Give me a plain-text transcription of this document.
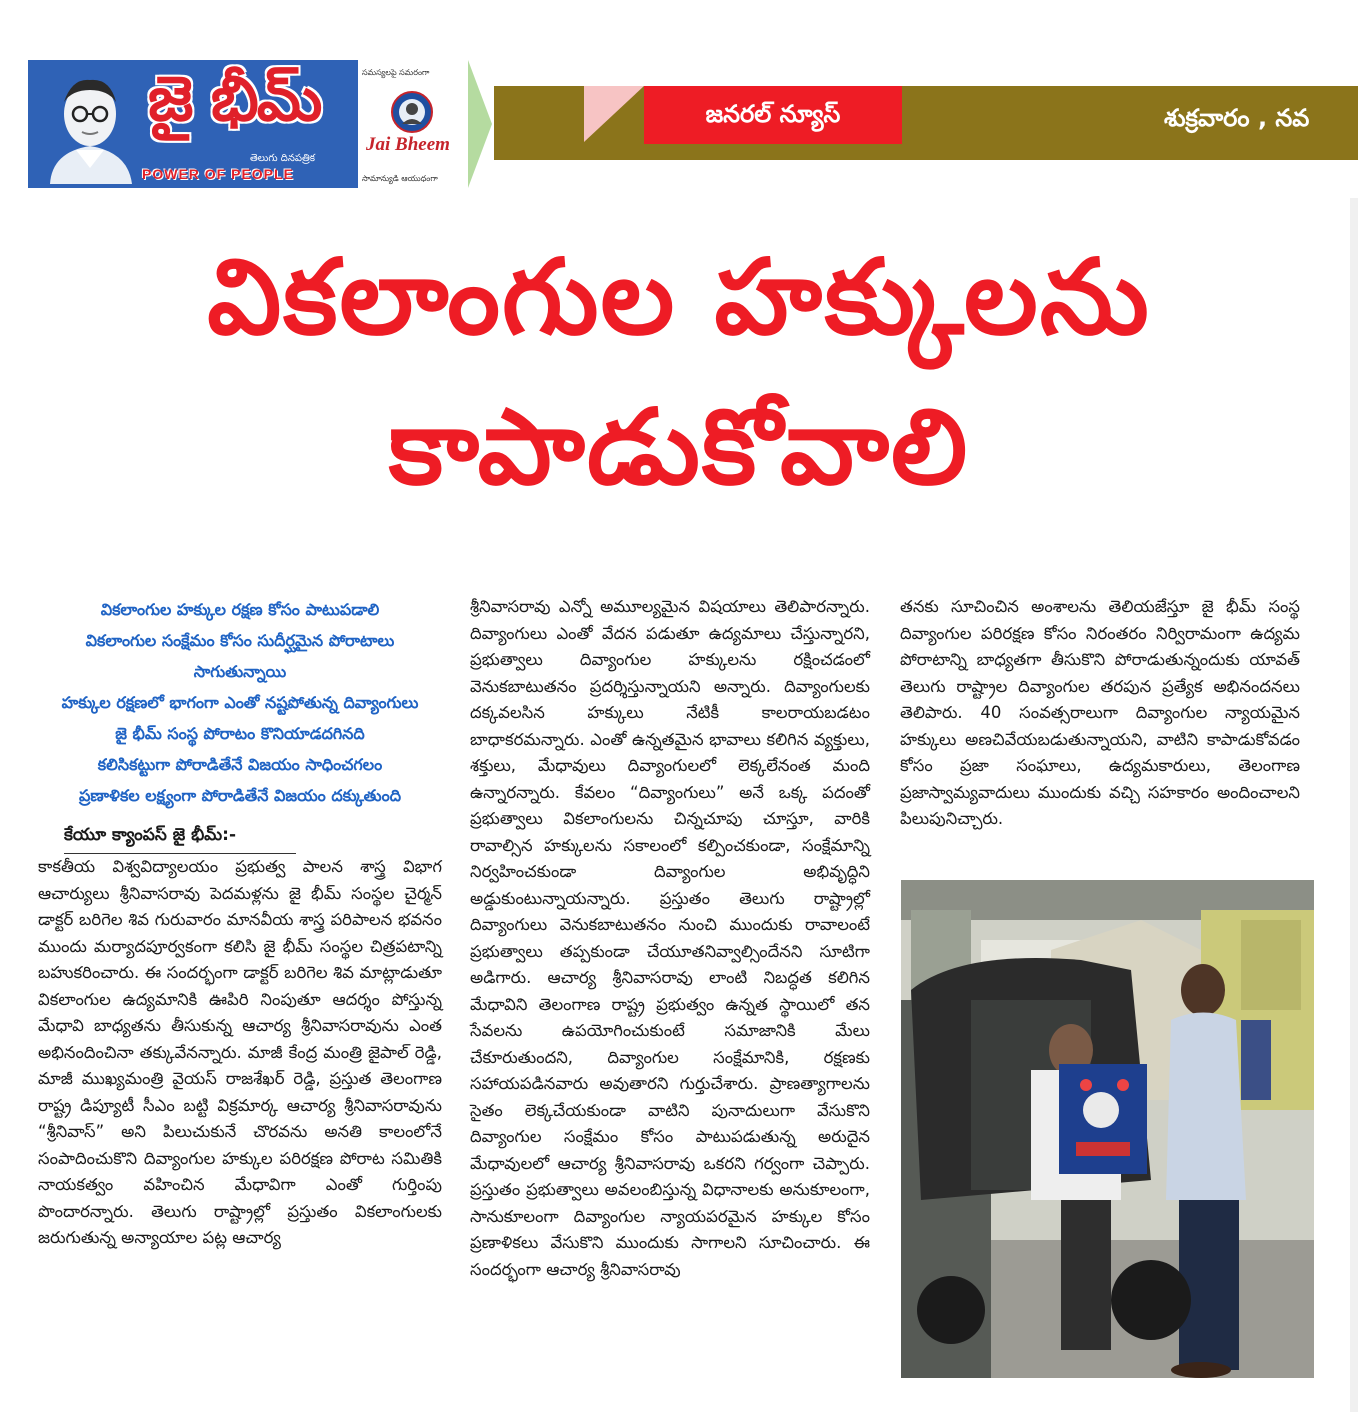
జై భీమ్
తెలుగు దినపత్రిక
POWER OF PEOPLE
సమస్యలపై సమరంగా
Jai Bheem
సామాన్యుడి ఆయుధంగా
జనరల్ న్యూస్	శుక్రవారం , నవ
వికలాంగుల హక్కులను
కాపాడుకోవాలి
వికలాంగుల హక్కుల రక్షణ కోసం పాటుపడాలి
వికలాంగుల సంక్షేమం కోసం సుదీర్ఘమైన పోరాటాలు సాగుతున్నాయి
హక్కుల రక్షణలో భాగంగా ఎంతో నష్టపోతున్న దివ్యాంగులు
జై భీమ్ సంస్థ పోరాటం కొనియాడదగినది
కలిసికట్టుగా పోరాడితేనే విజయం సాధించగలం
ప్రణాళికల లక్ష్యంగా పోరాడితేనే విజయం దక్కుతుంది
కేయూ క్యాంపస్ జై భీమ్:-

కాకతీయ విశ్వవిద్యాలయం ప్రభుత్వ పాలన శాస్త్ర విభాగ ఆచార్యులు శ్రీనివాసరావు పెదమళ్లను జై భీమ్ సంస్థల చైర్మన్ డాక్టర్ బరిగెల శివ గురువారం మానవీయ శాస్త్ర పరిపాలన భవనం ముందు మర్యాదపూర్వకంగా కలిసి జై భీమ్ సంస్థల చిత్రపటాన్ని బహుకరించారు. ఈ సందర్భంగా డాక్టర్ బరిగెల శివ మాట్లాడుతూ వికలాంగుల ఉద్యమానికి ఊపిరి నింపుతూ ఆదర్శం పోస్తున్న మేధావి బాధ్యతను తీసుకున్న ఆచార్య శ్రీనివాసరావును ఎంత అభినందించినా తక్కువేనన్నారు. మాజీ కేంద్ర మంత్రి జైపాల్ రెడ్డి, మాజీ ముఖ్యమంత్రి వైయస్ రాజశేఖర్ రెడ్డి, ప్రస్తుత తెలంగాణ రాష్ట్ర డిప్యూటీ సీఎం బట్టి విక్రమార్క ఆచార్య శ్రీనివాసరావును “శ్రీనివాస్” అని పిలుచుకునే చొరవను అనతి కాలంలోనే సంపాదించుకొని దివ్యాంగుల హక్కుల పరిరక్షణ పోరాట సమితికి నాయకత్వం వహించిన మేధావిగా ఎంతో గుర్తింపు పొందారన్నారు. తెలుగు రాష్ట్రాల్లో ప్రస్తుతం వికలాంగులకు జరుగుతున్న అన్యాయాల పట్ల ఆచార్య

శ్రీనివాసరావు ఎన్నో అమూల్యమైన విషయాలు తెలిపారన్నారు. దివ్యాంగులు ఎంతో వేదన పడుతూ ఉద్యమాలు చేస్తున్నారని, ప్రభుత్వాలు దివ్యాంగుల హక్కులను రక్షించడంలో వెనుకబాటుతనం ప్రదర్శిస్తున్నాయని అన్నారు. దివ్యాంగులకు దక్కవలసిన హక్కులు నేటికీ కాలరాయబడటం బాధాకరమన్నారు. ఎంతో ఉన్నతమైన భావాలు కలిగిన వ్యక్తులు, శక్తులు, మేధావులు దివ్యాంగులలో లెక్కలేనంత మంది ఉన్నారన్నారు. కేవలం “దివ్యాంగులు” అనే ఒక్క పదంతో ప్రభుత్వాలు వికలాంగులను చిన్నచూపు చూస్తూ, వారికి రావాల్సిన హక్కులను సకాలంలో కల్పించకుండా, సంక్షేమాన్ని నిర్వహించకుండా దివ్యాంగుల అభివృద్ధిని అడ్డుకుంటున్నాయన్నారు. ప్రస్తుతం తెలుగు రాష్ట్రాల్లో దివ్యాంగులు వెనుకబాటుతనం నుంచి ముందుకు రావాలంటే ప్రభుత్వాలు తప్పకుండా చేయూతనివ్వాల్సిందేనని సూటిగా అడిగారు. ఆచార్య శ్రీనివాసరావు లాంటి నిబద్ధత కలిగిన మేధావిని తెలంగాణ రాష్ట్ర ప్రభుత్వం ఉన్నత స్థాయిలో తన సేవలను ఉపయోగించుకుంటే సమాజానికి మేలు చేకూరుతుందని, దివ్యాంగుల సంక్షేమానికి, రక్షణకు సహాయపడినవారు అవుతారని గుర్తుచేశారు. ప్రాణత్యాగాలను సైతం లెక్కచేయకుండా వాటిని పునాదులుగా వేసుకొని దివ్యాంగుల సంక్షేమం కోసం పాటుపడుతున్న అరుదైన మేధావులలో ఆచార్య శ్రీనివాసరావు ఒకరని గర్వంగా చెప్పారు. ప్రస్తుతం ప్రభుత్వాలు అవలంబిస్తున్న విధానాలకు అనుకూలంగా, సానుకూలంగా దివ్యాంగుల న్యాయపరమైన హక్కుల కోసం ప్రణాళికలు వేసుకొని ముందుకు సాగాలని సూచించారు. ఈ సందర్భంగా ఆచార్య శ్రీనివాసరావు

తనకు సూచించిన అంశాలను తెలియజేస్తూ జై భీమ్ సంస్థ దివ్యాంగుల పరిరక్షణ కోసం నిరంతరం నిర్విరామంగా ఉద్యమ పోరాటాన్ని బాధ్యతగా తీసుకొని పోరాడుతున్నందుకు యావత్ తెలుగు రాష్ట్రాల దివ్యాంగుల తరపున ప్రత్యేక అభినందనలు తెలిపారు. 40 సంవత్సరాలుగా దివ్యాంగుల న్యాయమైన హక్కులు అణచివేయబడుతున్నాయని, వాటిని కాపాడుకోవడం కోసం ప్రజా సంఘాలు, ఉద్యమకారులు, తెలంగాణ ప్రజాస్వామ్యవాదులు ముందుకు వచ్చి సహకారం అందించాలని పిలుపునిచ్చారు.
